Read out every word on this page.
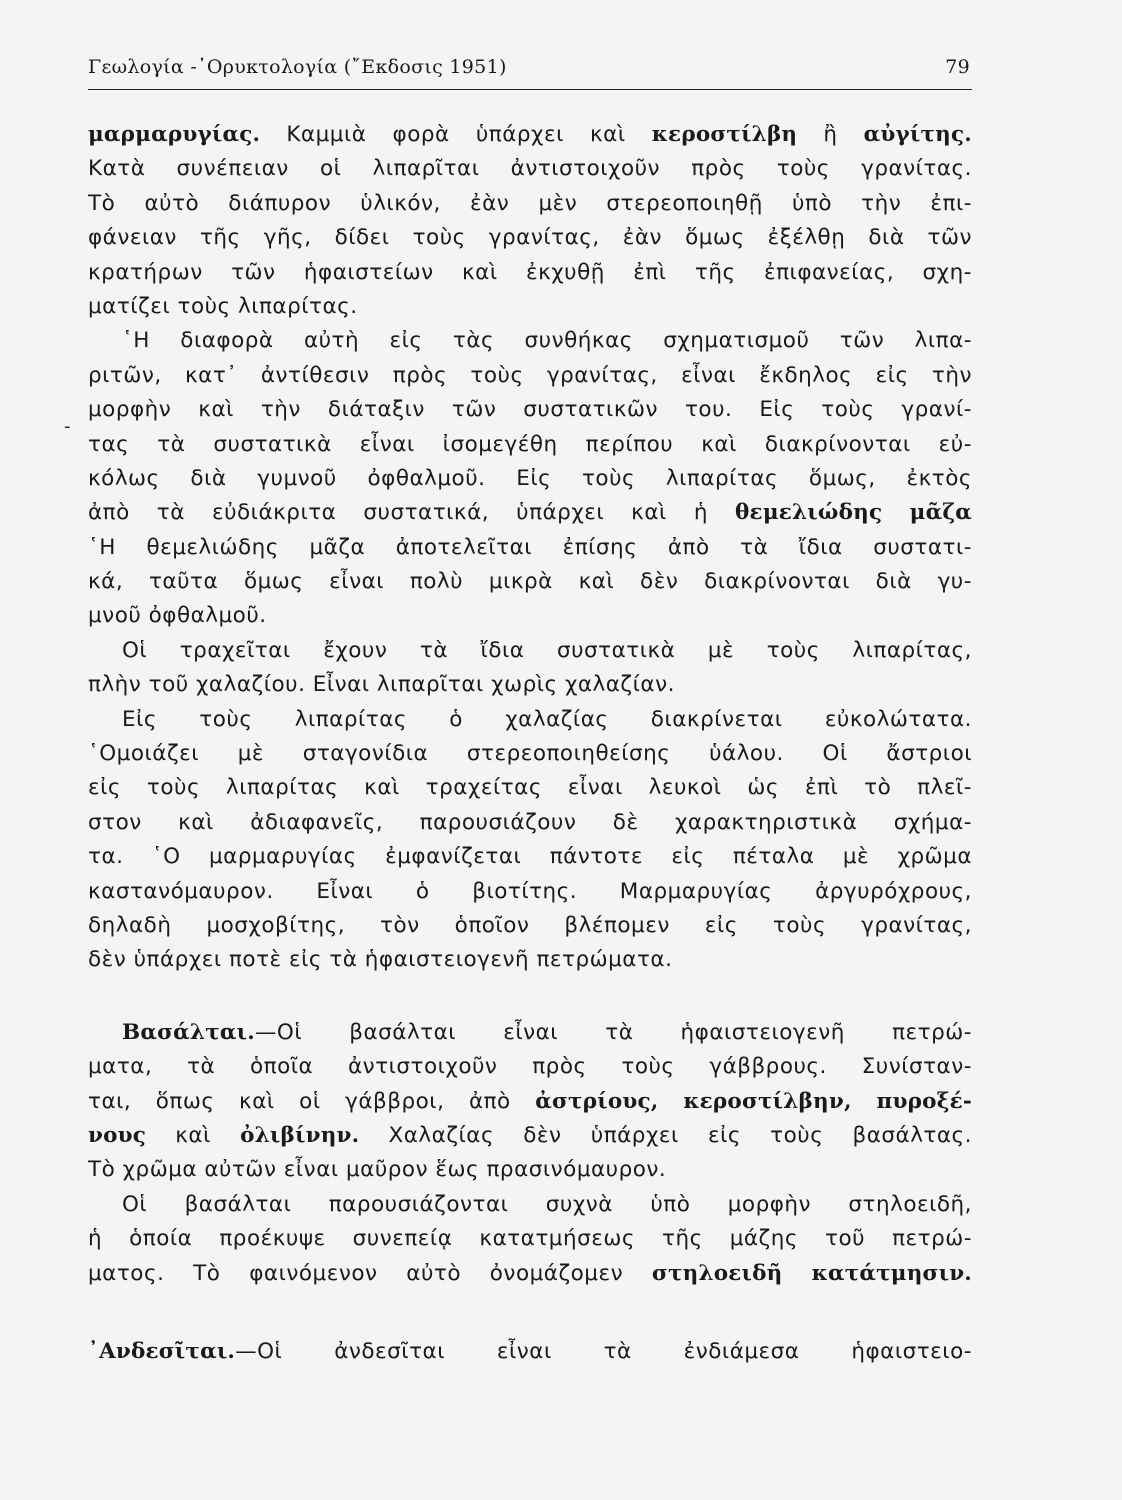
Γεωλογία -᾿Ορυκτολογία (῎Εκδοσις 1951)	79
-
μαρμαρυγίας. Καμμιὰ φορὰ ὑπάρχει καὶ κεροστίλβη ἢ αὐγίτης.
Κατὰ συνέπειαν οἱ λιπαρῖται ἀντιστοιχοῦν πρὸς τοὺς γρανίτας.
Τὸ αὐτὸ διάπυρον ὑλικόν, ἐὰν μὲν στερεοποιηθῇ ὑπὸ τὴν ἐπι-
φάνειαν τῆς γῆς, δίδει τοὺς γρανίτας, ἐὰν ὅμως ἐξέλθῃ διὰ τῶν
κρατήρων τῶν ἡφαιστείων καὶ ἐκχυθῇ ἐπὶ τῆς ἐπιφανείας, σχη-
ματίζει τοὺς λιπαρίτας.
῾Η διαφορὰ αὐτὴ εἰς τὰς συνθήκας σχηματισμοῦ τῶν λιπα-
ριτῶν, κατ᾿ ἀντίθεσιν πρὸς τοὺς γρανίτας, εἶναι ἔκδηλος εἰς τὴν
μορφὴν καὶ τὴν διάταξιν τῶν συστατικῶν του. Εἰς τοὺς γρανί-
τας τὰ συστατικὰ εἶναι ἰσομεγέθη περίπου καὶ διακρίνονται εὐ-
κόλως διὰ γυμνοῦ ὀφθαλμοῦ. Εἰς τοὺς λιπαρίτας ὅμως, ἐκτὸς
ἀπὸ τὰ εὐδιάκριτα συστατικά, ὑπάρχει καὶ ἡ θεμελιώδης μᾶζα
῾Η θεμελιώδης μᾶζα ἀποτελεῖται ἐπίσης ἀπὸ τὰ ἴδια συστατι-
κά, ταῦτα ὅμως εἶναι πολὺ μικρὰ καὶ δὲν διακρίνονται διὰ γυ-
μνοῦ ὀφθαλμοῦ.
Οἱ τραχεῖται ἔχουν τὰ ἴδια συστατικὰ μὲ τοὺς λιπαρίτας,
πλὴν τοῦ χαλαζίου. Εἶναι λιπαρῖται χωρὶς χαλαζίαν.
Εἰς τοὺς λιπαρίτας ὁ χαλαζίας διακρίνεται εὐκολώτατα.
῾Ομοιάζει μὲ σταγονίδια στερεοποιηθείσης ὑάλου. Οἱ ἄστριοι
εἰς τοὺς λιπαρίτας καὶ τραχείτας εἶναι λευκοὶ ὡς ἐπὶ τὸ πλεῖ-
στον καὶ ἀδιαφανεῖς, παρουσιάζουν δὲ χαρακτηριστικὰ σχήμα-
τα. ῾Ο μαρμαρυγίας ἐμφανίζεται πάντοτε εἰς πέταλα μὲ χρῶμα
καστανόμαυρον. Εἶναι ὁ βιοτίτης. Μαρμαρυγίας ἀργυρόχρους,
δηλαδὴ μοσχοβίτης, τὸν ὁποῖον βλέπομεν εἰς τοὺς γρανίτας,
δὲν ὑπάρχει ποτὲ εἰς τὰ ἡφαιστειογενῆ πετρώματα.
Βασάλται.—Οἱ βασάλται εἶναι τὰ ἡφαιστειογενῆ πετρώ-
ματα, τὰ ὁποῖα ἀντιστοιχοῦν πρὸς τοὺς γάββρους. Συνίσταν-
ται, ὅπως καὶ οἱ γάββροι, ἀπὸ ἀστρίους, κεροστίλβην, πυροξέ-
νους καὶ ὀλιβίνην. Χαλαζίας δὲν ὑπάρχει εἰς τοὺς βασάλτας.
Τὸ χρῶμα αὐτῶν εἶναι μαῦρον ἕως πρασινόμαυρον.
Οἱ βασάλται παρουσιάζονται συχνὰ ὑπὸ μορφὴν στηλοειδῆ,
ἡ ὁποία προέκυψε συνεπείᾳ κατατμήσεως τῆς μάζης τοῦ πετρώ-
ματος. Τὸ φαινόμενον αὐτὸ ὀνομάζομεν στηλοειδῆ κατάτμησιν.
᾿Ανδεσῖται.—Οἱ ἀνδεσῖται εἶναι τὰ ἐνδιάμεσα ἡφαιστειο-
